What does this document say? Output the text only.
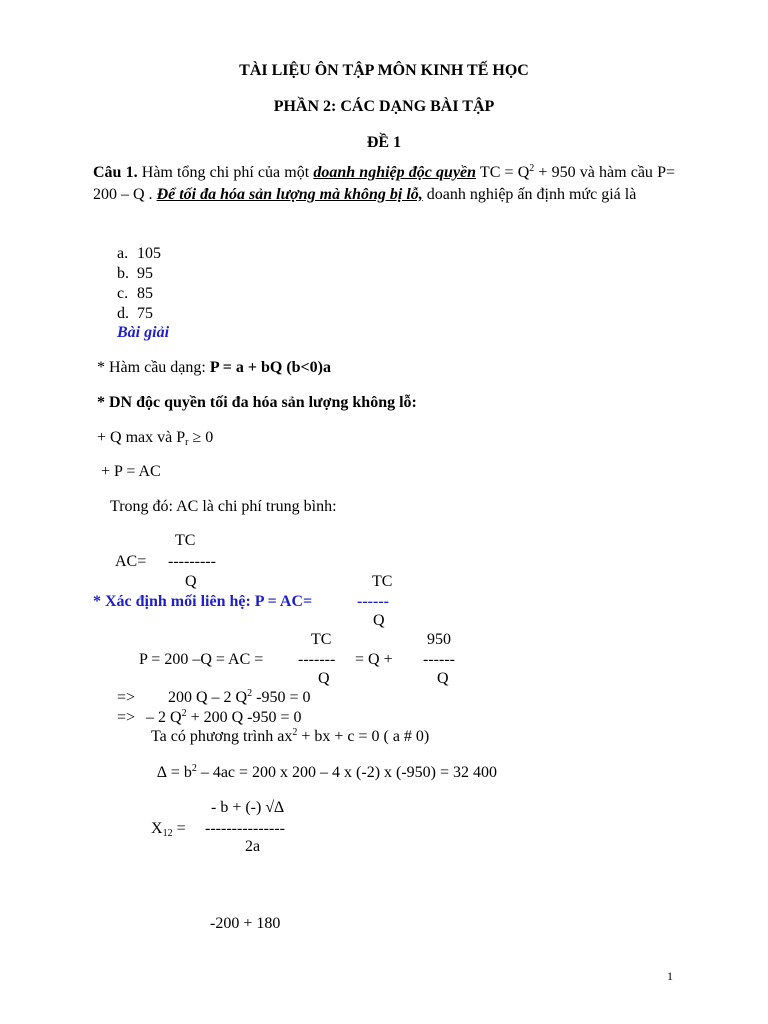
TÀI LIỆU ÔN TẬP MÔN KINH TẾ HỌC
PHẦN 2: CÁC DẠNG BÀI TẬP
ĐỀ 1
Câu 1. Hàm tổng chi phí của một doanh nghiệp độc quyền TC = $Q^2 + 950$ và hàm cầu P= 200 – Q . Để tối đa hóa sản lượng mà không bị lỗ, doanh nghiệp ấn định mức giá là
a. 105
b. 95
c. 85
d. 75
Bài giải
* Hàm cầu dạng: P = a + bQ (b<0)a
* DN độc quyền tối đa hóa sản lượng không lỗ:
+ Q max và $P_r \ge 0$
+ P = AC
Trong đó: AC là chi phí trung bình:
TC
AC= ---------
Q	TC
* Xác định mối liên hệ: P = AC=	------
Q
TC	950
P = 200 –Q = AC = ------- = Q + ------
Q	Q
=> 200 Q – 2 $Q^2$ -950 = 0
=> – 2 $Q^2 + 200$ Q -950 = 0
Ta có phương trình $ax^2$ + bx + c = 0 ( a # 0)
∆ = $b^2 - 4ac = 200$ x 200 – 4 x (-2) x (-950) = 32 400
- b + (-) √∆
$X_{12}$ = ---------------
2a
-200 + 180
1
